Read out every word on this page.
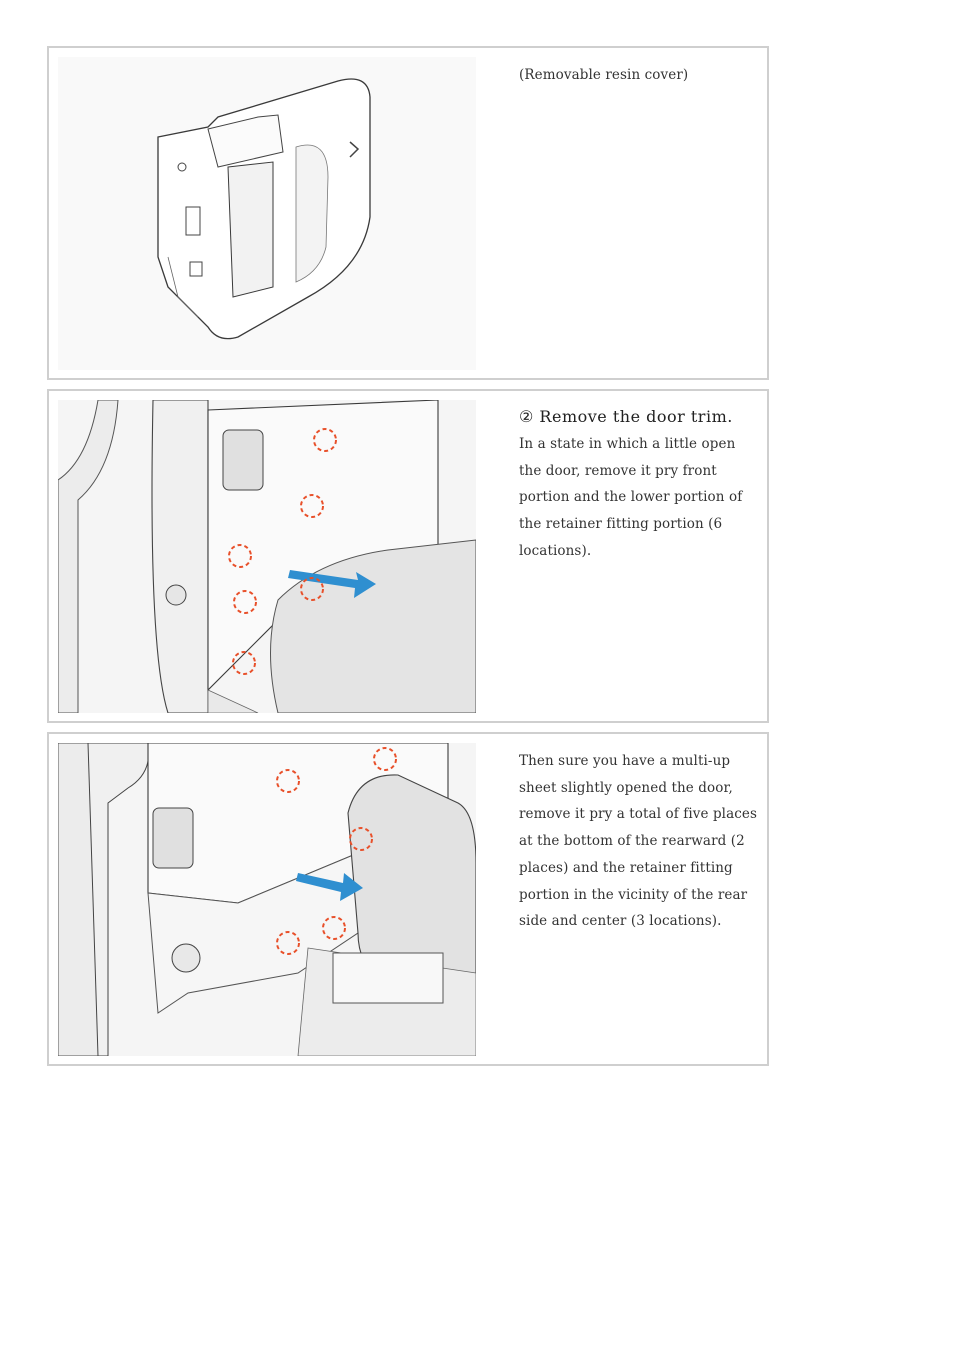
(Removable resin cover)
② Remove the door trim.
In a state in which a little open the door, remove it pry front portion and the lower portion of the retainer fitting portion (6 locations).
Then sure you have a multi-up sheet slightly opened the door, remove it pry a total of five places at the bottom of the rearward (2 places) and the retainer fitting portion in the vicinity of the rear side and center (3 locations).
